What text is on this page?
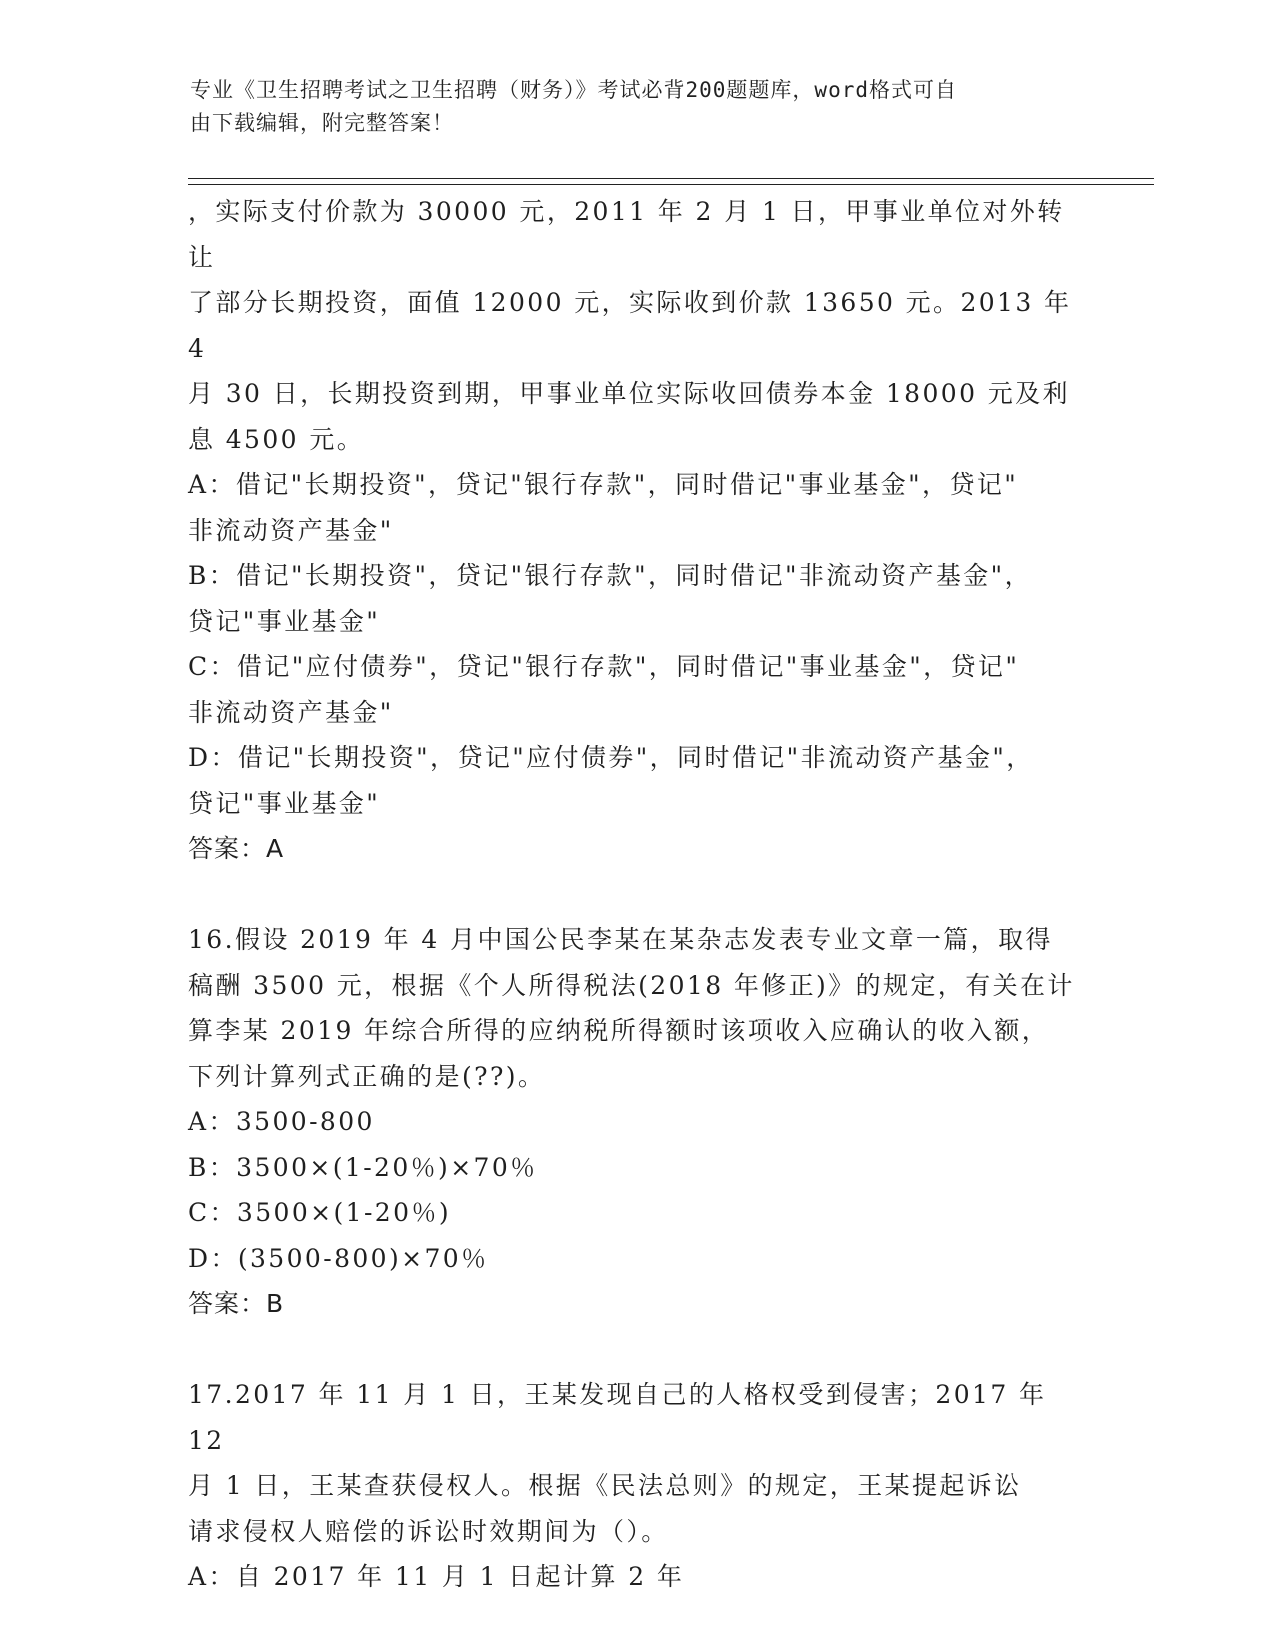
专业《卫生招聘考试之卫生招聘（财务）》考试必背200题题库，word格式可自
由下载编辑，附完整答案！

，实际支付价款为 30000 元，2011 年 2 月 1 日，甲事业单位对外转让

了部分长期投资，面值 12000 元，实际收到价款 13650 元。2013 年 4

月 30 日，长期投资到期，甲事业单位实际收回债券本金 18000 元及利

息 4500 元。

A：借记"长期投资"，贷记"银行存款"，同时借记"事业基金"，贷记"

非流动资产基金"

B：借记"长期投资"，贷记"银行存款"，同时借记"非流动资产基金"，

贷记"事业基金"

C：借记"应付债券"，贷记"银行存款"，同时借记"事业基金"，贷记"

非流动资产基金"

D：借记"长期投资"，贷记"应付债券"，同时借记"非流动资产基金"，

贷记"事业基金"

答案：A

16.假设 2019 年 4 月中国公民李某在某杂志发表专业文章一篇，取得

稿酬 3500 元，根据《个人所得税法(2018 年修正)》的规定，有关在计

算李某 2019 年综合所得的应纳税所得额时该项收入应确认的收入额，

下列计算列式正确的是(??)。

A：3500-800

B：3500×(1-20％)×70％

C：3500×(1-20％)

D：(3500-800)×70％

答案：B

17.2017 年 11 月 1 日，王某发现自己的人格权受到侵害；2017 年 12

月 1 日，王某查获侵权人。根据《民法总则》的规定，王某提起诉讼

请求侵权人赔偿的诉讼时效期间为（）。

A：自 2017 年 11 月 1 日起计算 2 年
